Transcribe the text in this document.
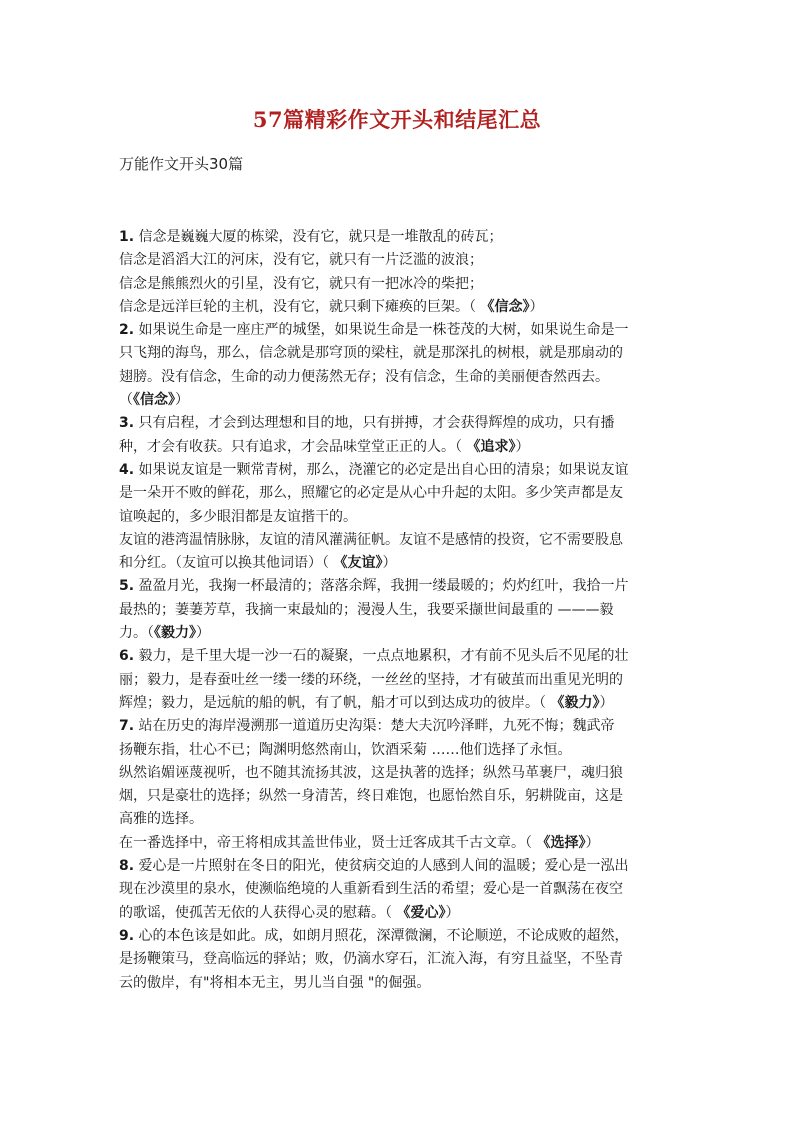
57篇精彩作文开头和结尾汇总
万能作文开头30篇
1. 信念是巍巍大厦的栋梁，没有它，就只是一堆散乱的砖瓦；
信念是滔滔大江的河床，没有它，就只有一片泛滥的波浪；
信念是熊熊烈火的引星，没有它，就只有一把冰冷的柴把；
信念是远洋巨轮的主机，没有它，就只剩下瘫痪的巨架。（ 《信念》）
2. 如果说生命是一座庄严的城堡，如果说生命是一株苍茂的大树，如果说生命是一
只飞翔的海鸟，那么，信念就是那穹顶的梁柱，就是那深扎的树根，就是那扇动的
翅膀。没有信念，生命的动力便荡然无存；没有信念，生命的美丽便杳然西去。
（《信念》）
3. 只有启程，才会到达理想和目的地，只有拼搏，才会获得辉煌的成功，只有播
种，才会有收获。只有追求，才会品味堂堂正正的人。（ 《追求》）
4. 如果说友谊是一颗常青树，那么，浇灌它的必定是出自心田的清泉；如果说友谊
是一朵开不败的鲜花，那么，照耀它的必定是从心中升起的太阳。多少笑声都是友
谊唤起的，多少眼泪都是友谊揩干的。
友谊的港湾温情脉脉，友谊的清风灌满征帆。友谊不是感情的投资，它不需要股息
和分红。（友谊可以换其他词语）（ 《友谊》）
5. 盈盈月光，我掬一杯最清的；落落余辉，我拥一缕最暖的；灼灼红叶，我拾一片
最热的；萋萋芳草，我摘一束最灿的；漫漫人生，我要采撷世间最重的 ———毅
力。（《毅力》）
6. 毅力，是千里大堤一沙一石的凝聚，一点点地累积，才有前不见头后不见尾的壮
丽；毅力，是春蚕吐丝一缕一缕的环绕，一丝丝的坚持，才有破茧而出重见光明的
辉煌；毅力，是远航的船的帆，有了帆，船才可以到达成功的彼岸。（ 《毅力》）
7. 站在历史的海岸漫溯那一道道历史沟渠：楚大夫沉吟泽畔，九死不悔；魏武帝
扬鞭东指，壮心不已；陶渊明悠然南山，饮酒采菊 ……他们选择了永恒。
纵然谄媚诬蔑视听，也不随其流扬其波，这是执著的选择；纵然马革裹尸，魂归狼
烟，只是豪壮的选择；纵然一身清苦，终日难饱，也愿怡然自乐，躬耕陇亩，这是
高雅的选择。
在一番选择中，帝王将相成其盖世伟业，贤士迁客成其千古文章。（ 《选择》）
8. 爱心是一片照射在冬日的阳光，使贫病交迫的人感到人间的温暖；爱心是一泓出
现在沙漠里的泉水，使濒临绝境的人重新看到生活的希望；爱心是一首飘荡在夜空
的歌谣，使孤苦无依的人获得心灵的慰藉。（ 《爱心》）
9. 心的本色该是如此。成，如朗月照花，深潭微澜，不论顺逆，不论成败的超然，
是扬鞭策马，登高临远的驿站；败，仍滴水穿石，汇流入海，有穷且益坚，不坠青
云的傲岸，有"将相本无主，男儿当自强 "的倔强。
